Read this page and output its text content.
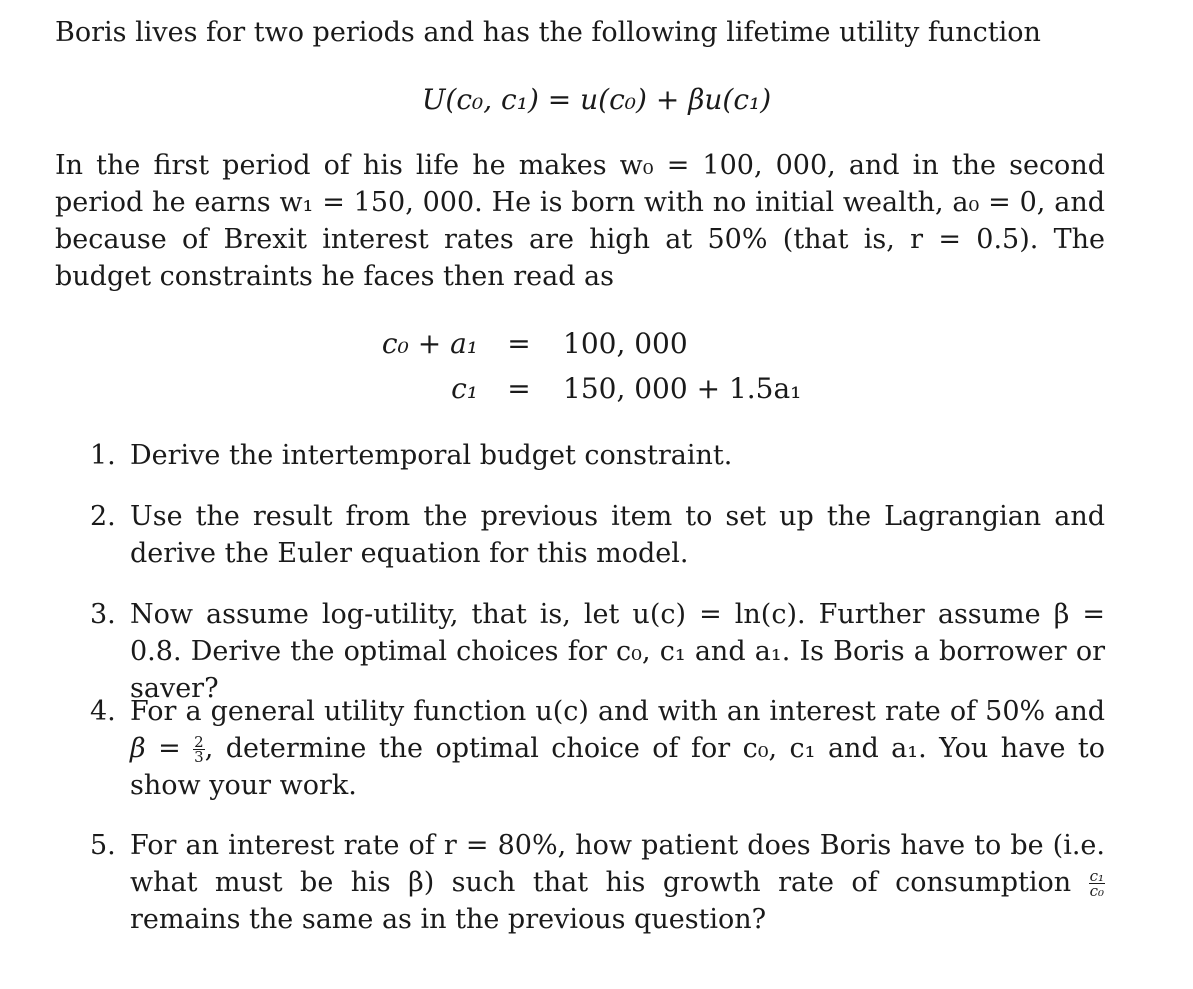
Boris lives for two periods and has the following lifetime utility function
U(c₀, c₁) = u(c₀) + βu(c₁)
In the first period of his life he makes w₀ = 100, 000, and in the second period he earns w₁ = 150, 000. He is born with no initial wealth, a₀ = 0, and because of Brexit interest rates are high at 50% (that is, r = 0.5). The budget constraints he faces then read as
c₀ + a₁ = 100, 000
c₁ = 150, 000 + 1.5a₁
1. Derive the intertemporal budget constraint.
2. Use the result from the previous item to set up the Lagrangian and derive the Euler equation for this model.
3. Now assume log-utility, that is, let u(c) = ln(c). Further assume β = 0.8. Derive the optimal choices for c₀, c₁ and a₁. Is Boris a borrower or saver?
4. For a general utility function u(c) and with an interest rate of 50% and $\beta = \frac{2}{3}$ , determine the optimal choice of for c₀, c₁ and a₁. You have to show your work.
5. For an interest rate of r = 80%, how patient does Boris have to be (i.e. what must be his β) such that his growth rate of consumption $\frac{\text{c₁}}{\text{c₀}}$
remains the same as in the previous question?
